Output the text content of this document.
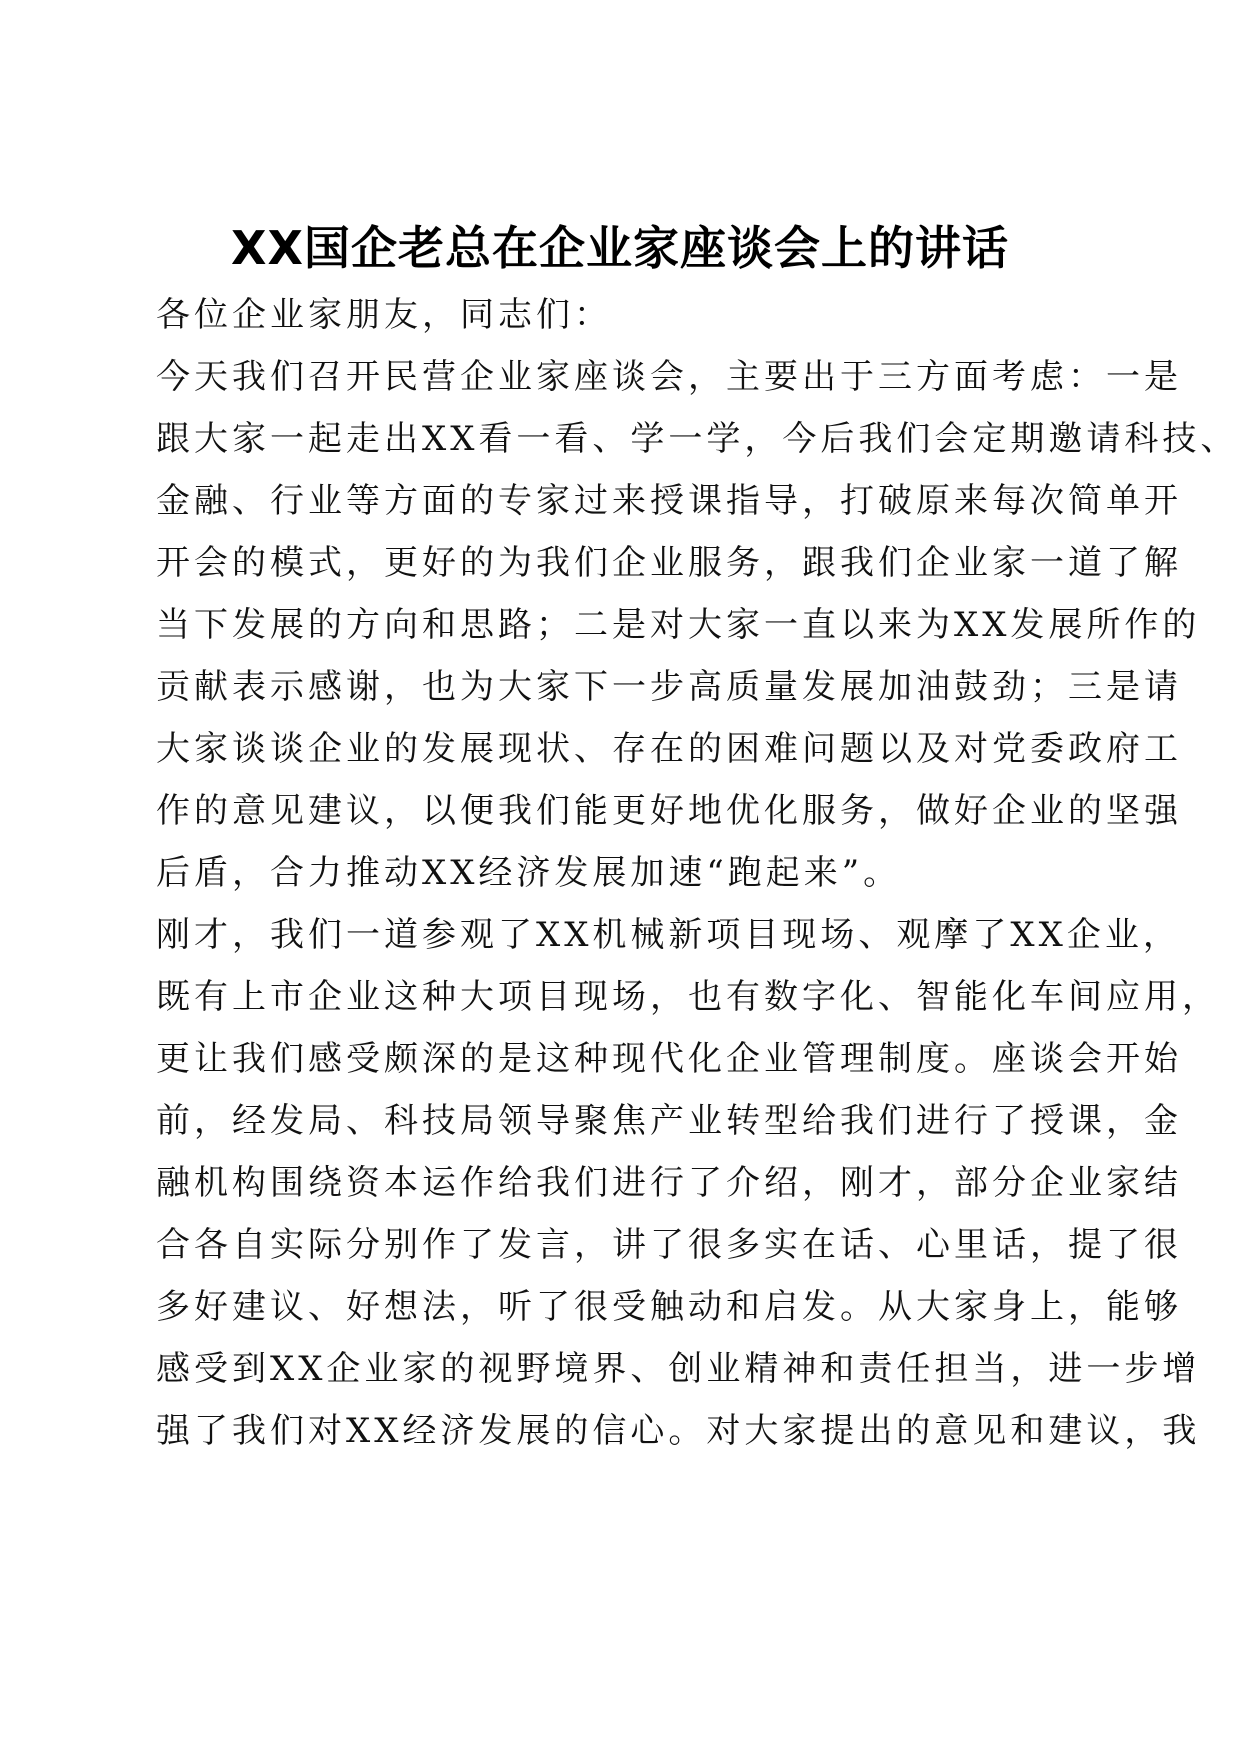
XX国企老总在企业家座谈会上的讲话
各位企业家朋友，同志们：
今天我们召开民营企业家座谈会，主要出于三方面考虑：一是
跟大家一起走出XX看一看、学一学，今后我们会定期邀请科技、
金融、行业等方面的专家过来授课指导，打破原来每次简单开
开会的模式，更好的为我们企业服务，跟我们企业家一道了解
当下发展的方向和思路；二是对大家一直以来为XX发展所作的
贡献表示感谢，也为大家下一步高质量发展加油鼓劲；三是请
大家谈谈企业的发展现状、存在的困难问题以及对党委政府工
作的意见建议，以便我们能更好地优化服务，做好企业的坚强
后盾，合力推动XX经济发展加速“跑起来”。
刚才，我们一道参观了XX机械新项目现场、观摩了XX企业，
既有上市企业这种大项目现场，也有数字化、智能化车间应用，
更让我们感受颇深的是这种现代化企业管理制度。座谈会开始
前，经发局、科技局领导聚焦产业转型给我们进行了授课，金
融机构围绕资本运作给我们进行了介绍，刚才，部分企业家结
合各自实际分别作了发言，讲了很多实在话、心里话，提了很
多好建议、好想法，听了很受触动和启发。从大家身上，能够
感受到XX企业家的视野境界、创业精神和责任担当，进一步增
强了我们对XX经济发展的信心。对大家提出的意见和建议，我
